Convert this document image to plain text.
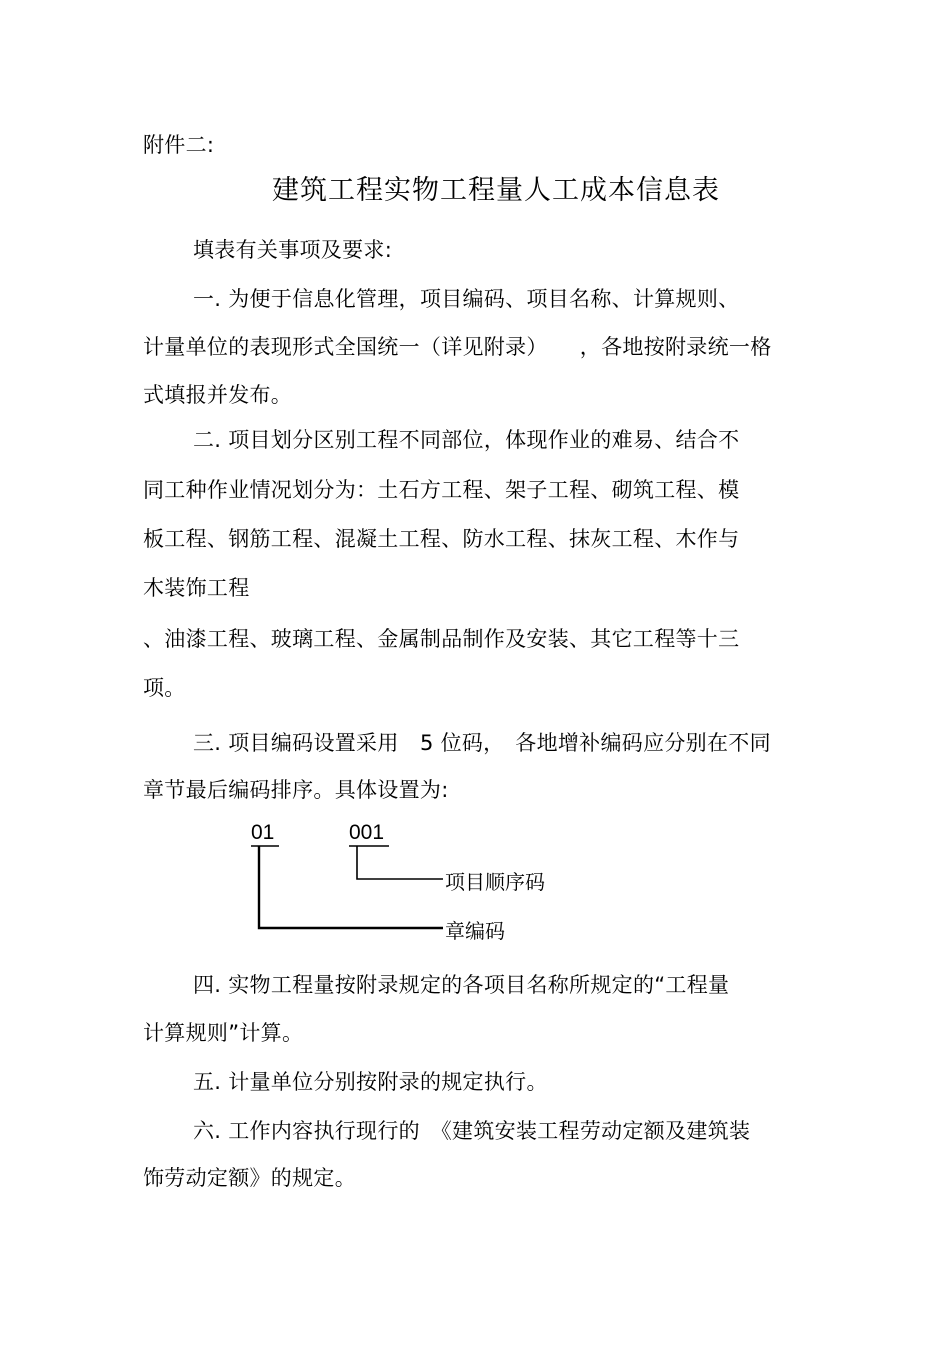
附件二:
建筑工程实物工程量人工成本信息表
填表有关事项及要求:
一. 为便于信息化管理，项目编码、项目名称、计算规则、
计量单位的表现形式全国统一（详见附录）　　，各地按附录统一格
式填报并发布。
二. 项目划分区别工程不同部位，体现作业的难易、结合不
同工种作业情况划分为：土石方工程、架子工程、砌筑工程、模
板工程、钢筋工程、混凝土工程、防水工程、抹灰工程、木作与
木装饰工程
、油漆工程、玻璃工程、金属制品制作及安装、其它工程等十三
项。
三. 项目编码设置采用　5 位码，　各地增补编码应分别在不同
章节最后编码排序。具体设置为:
01	001
项目顺序码
章编码
四. 实物工程量按附录规定的各项目名称所规定的“工程量
计算规则”计算。
五. 计量单位分别按附录的规定执行。
六. 工作内容执行现行的　《建筑安装工程劳动定额及建筑装
饰劳动定额》的规定。
